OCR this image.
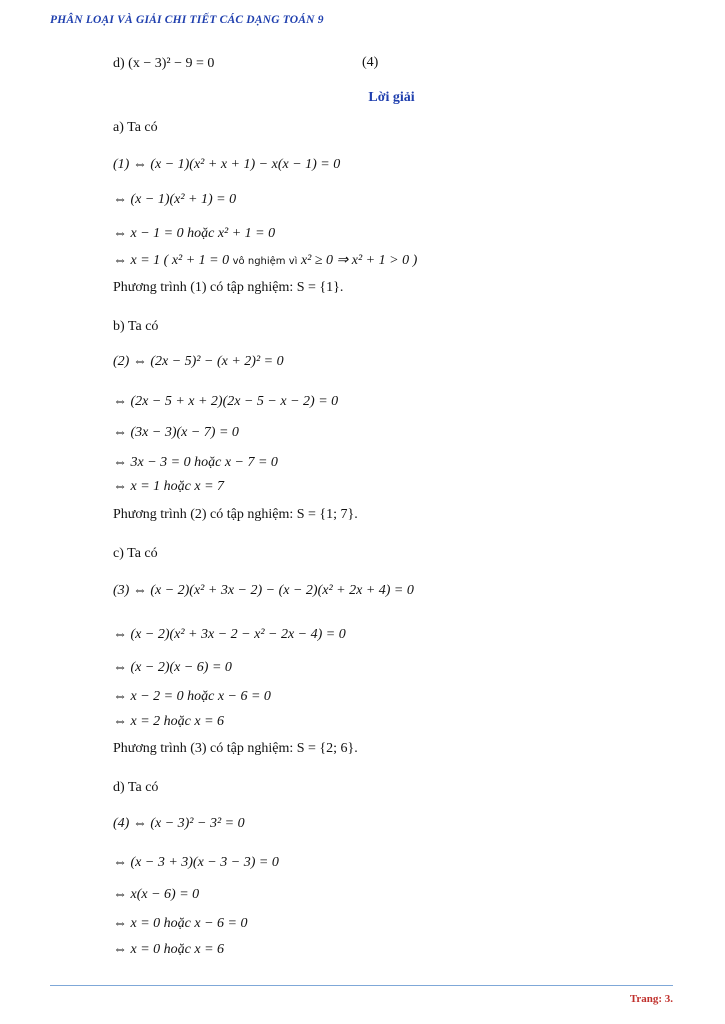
PHÂN LOẠI VÀ GIẢI CHI TIẾT CÁC DẠNG TOÁN 9
d) (x − 3)² − 9 = 0	(4)
Lời giải
a) Ta có
(1) ⇔ (x − 1)(x² + x + 1) − x(x − 1) = 0
⇔ (x − 1)(x² + 1) = 0
⇔ x − 1 = 0 hoặc x² + 1 = 0
⇔ x = 1 ( x² + 1 = 0 vô nghiệm vì x² ≥ 0 ⇒ x² + 1 > 0 )
Phương trình (1) có tập nghiệm: S = {1}.
b) Ta có
(2) ⇔ (2x − 5)² − (x + 2)² = 0
⇔ (2x − 5 + x + 2)(2x − 5 − x − 2) = 0
⇔ (3x − 3)(x − 7) = 0
⇔ 3x − 3 = 0 hoặc x − 7 = 0
⇔ x = 1 hoặc x = 7
Phương trình (2) có tập nghiệm: S = {1; 7}.
c) Ta có
(3) ⇔ (x − 2)(x² + 3x − 2) − (x − 2)(x² + 2x + 4) = 0
⇔ (x − 2)(x² + 3x − 2 − x² − 2x − 4) = 0
⇔ (x − 2)(x − 6) = 0
⇔ x − 2 = 0 hoặc x − 6 = 0
⇔ x = 2 hoặc x = 6
Phương trình (3) có tập nghiệm: S = {2; 6}.
d) Ta có
(4) ⇔ (x − 3)² − 3² = 0
⇔ (x − 3 + 3)(x − 3 − 3) = 0
⇔ x(x − 6) = 0
⇔ x = 0 hoặc x − 6 = 0
⇔ x = 0 hoặc x = 6
Trang: 3.
